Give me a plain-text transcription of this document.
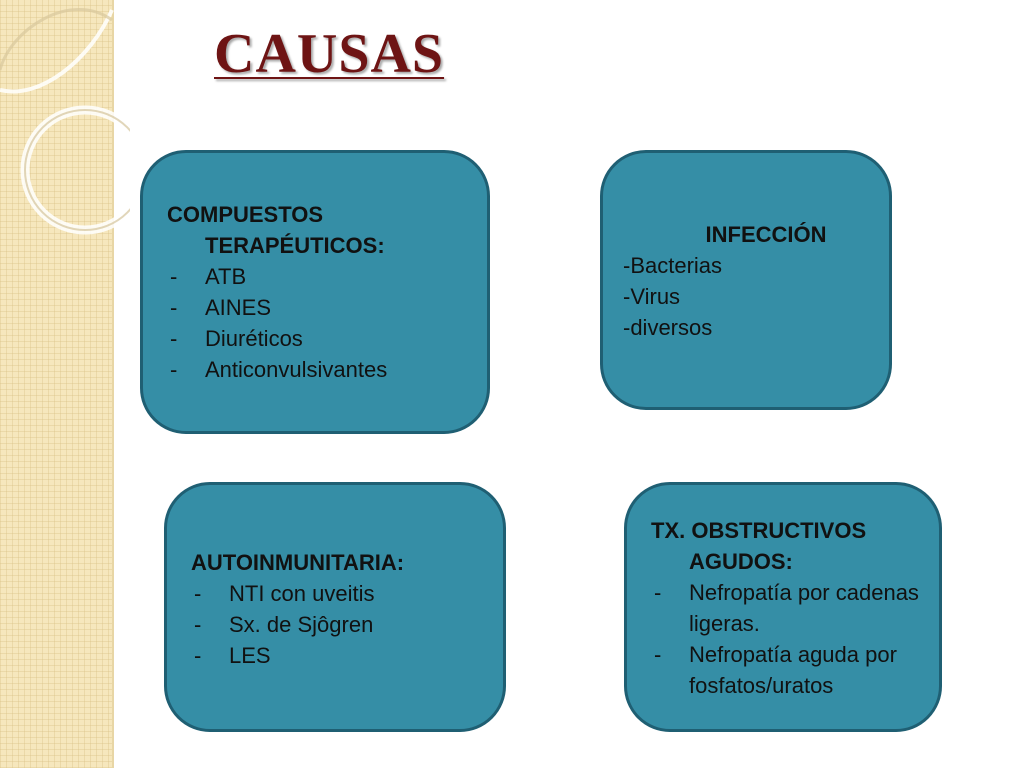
CAUSAS
COMPUESTOS
TERAPÉUTICOS:
- ATB
- AINES
- Diuréticos
- Anticonvulsivantes
INFECCIÓN
-Bacterias
-Virus
-diversos
AUTOINMUNITARIA:
- NTI con uveitis
- Sx. de Sjôgren
- LES
TX. OBSTRUCTIVOS
AGUDOS:
- Nefropatía por cadenas ligeras.
- Nefropatía aguda por fosfatos/uratos
